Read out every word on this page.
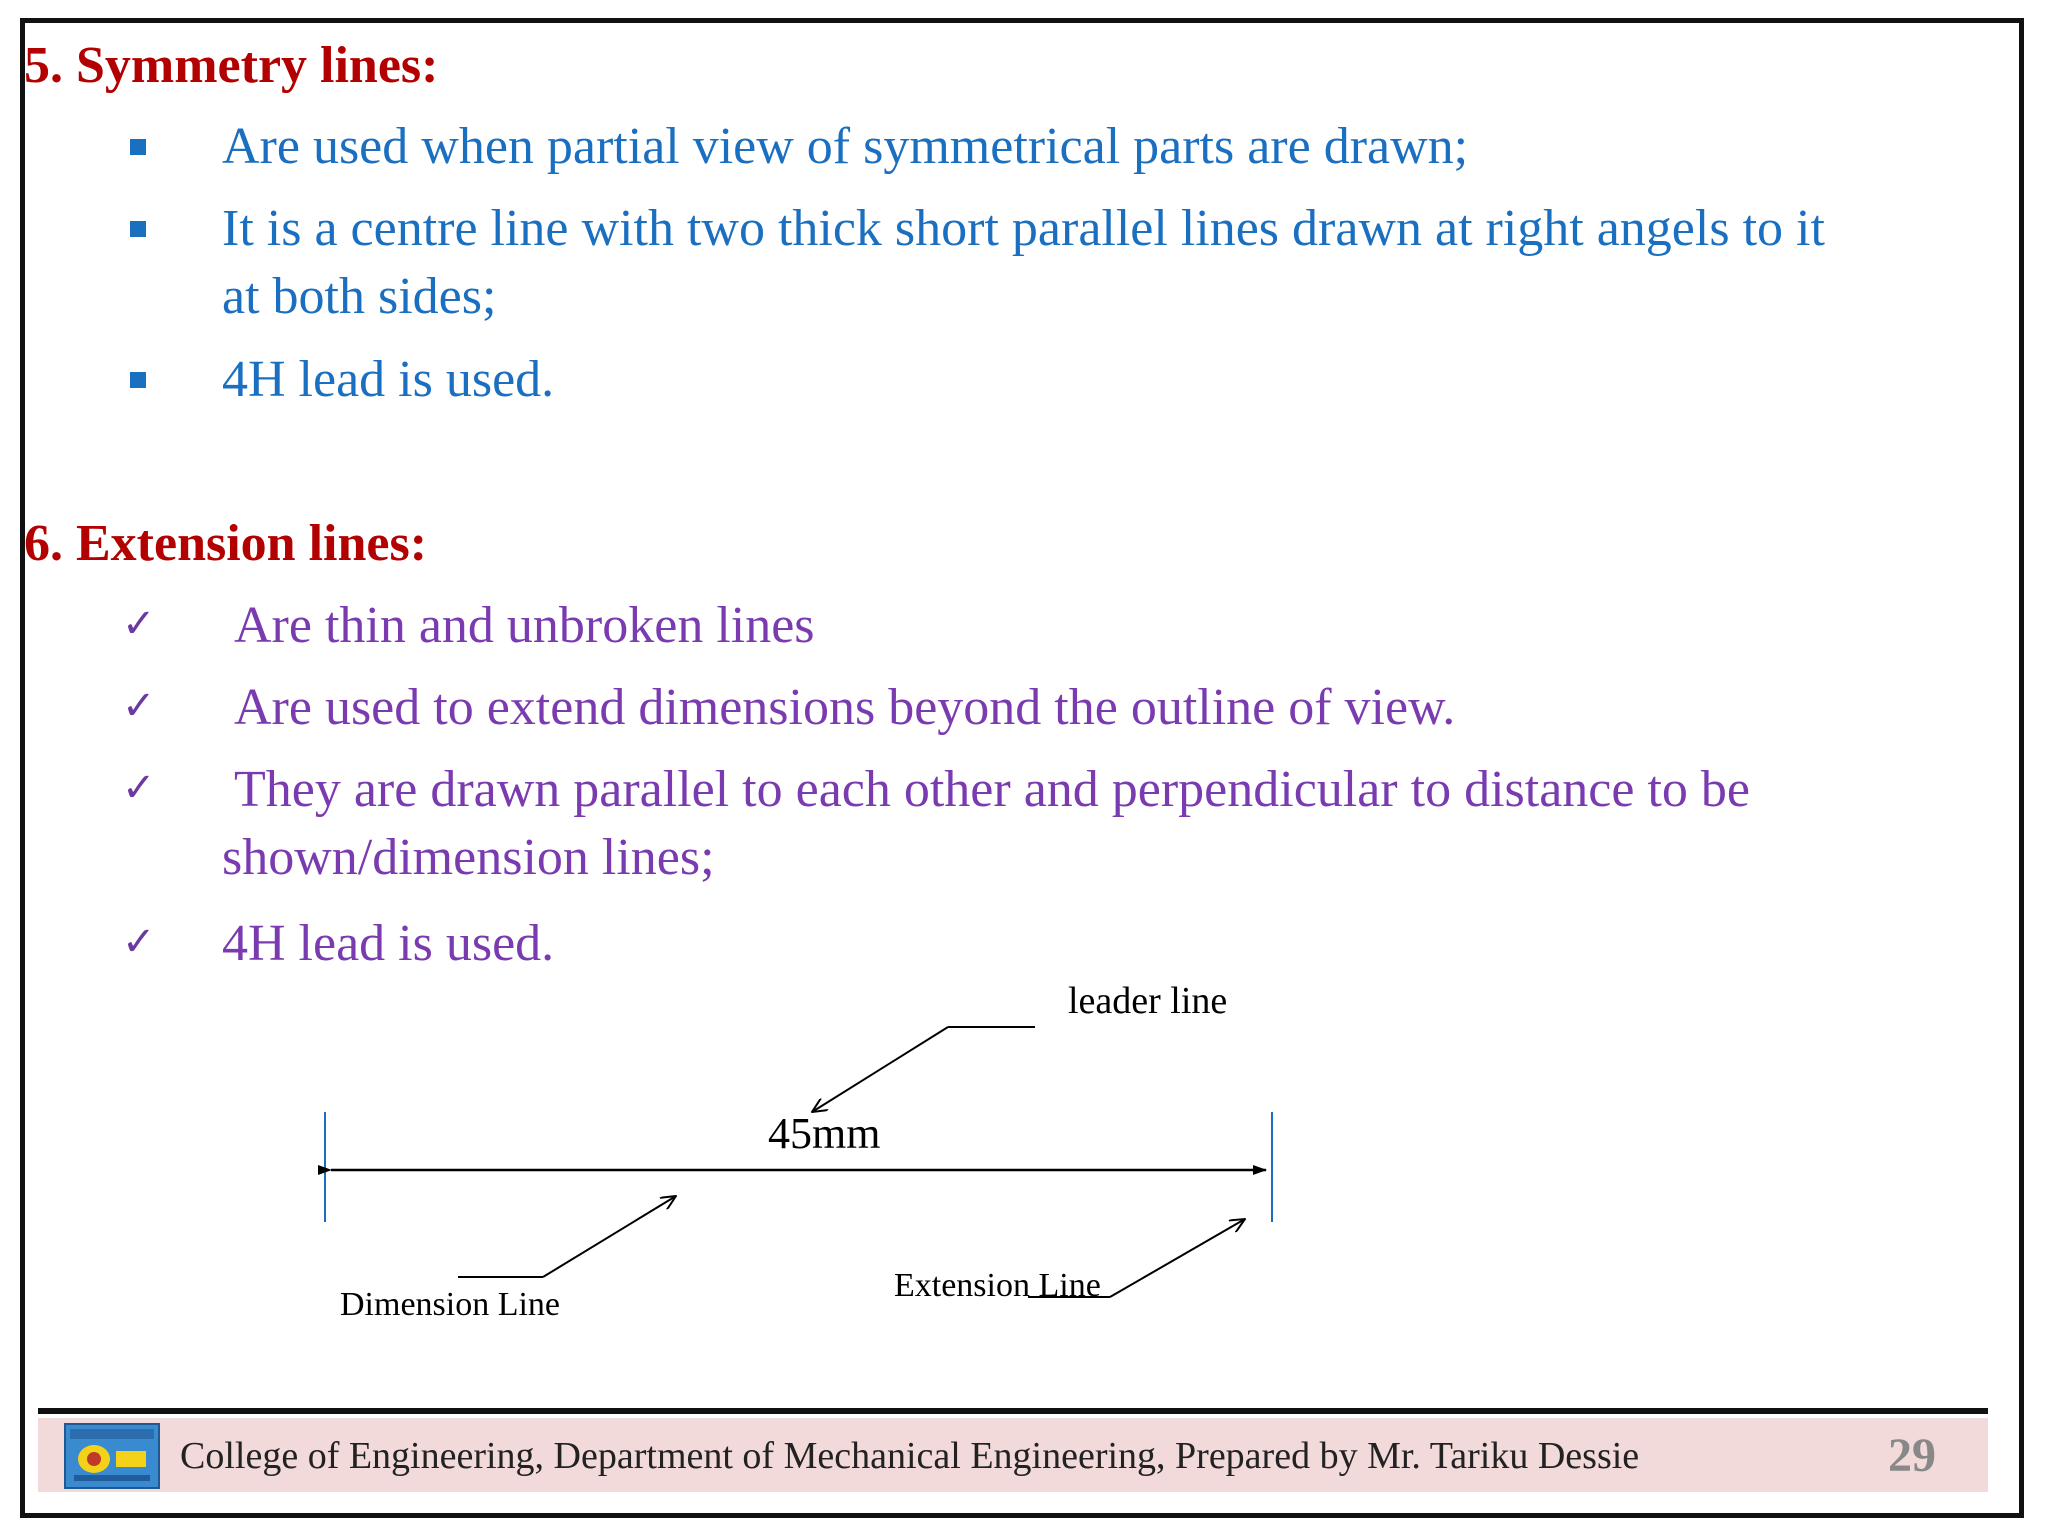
5. Symmetry lines:
Are used when partial view of symmetrical parts are drawn;
It is a centre line with two thick short parallel lines drawn at right angels to it
at both sides;
4H lead is used.
6. Extension lines:
✓ Are thin and unbroken lines
✓ Are used to extend dimensions beyond the outline of view.
✓ They are drawn parallel to each other and perpendicular to distance to be
shown/dimension lines;
✓ 4H lead is used.
leader line
45mm
Dimension Line
Extension Line
College of Engineering, Department of Mechanical Engineering, Prepared by Mr. Tariku Dessie	29
